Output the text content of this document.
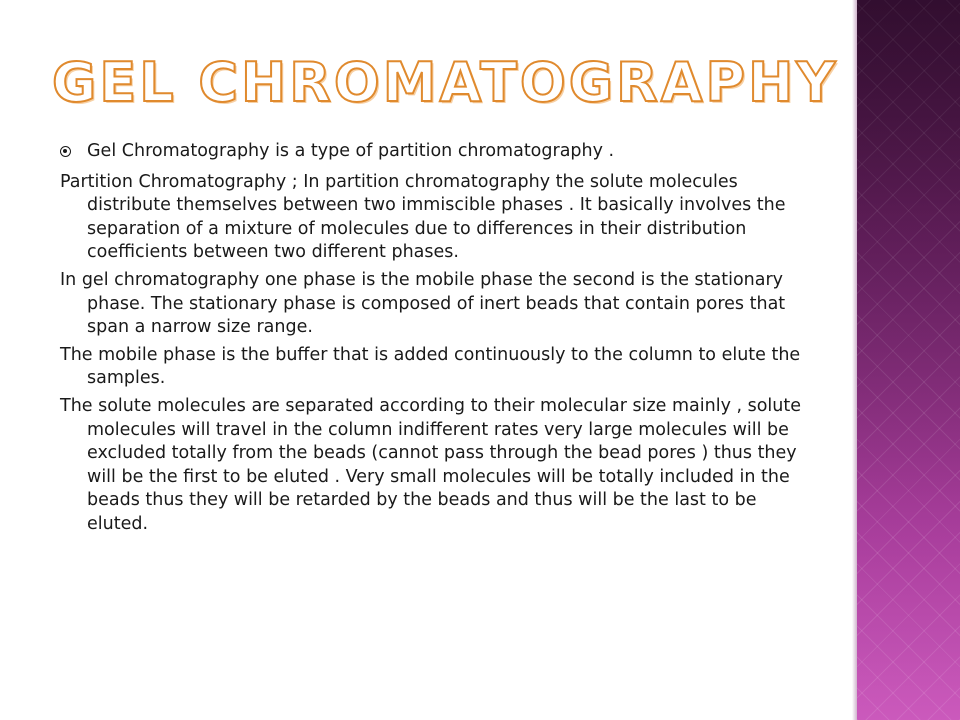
GEL CHROMATOGRAPHY

Gel Chromatography is a type of partition chromatography .

Partition Chromatography ; In partition chromatography the solute molecules distribute themselves between two immiscible phases . It basically involves the separation of a mixture of molecules due to differences in their distribution coefficients between two different phases.

In gel chromatography one phase is the mobile phase the second is the stationary phase. The stationary phase is composed of inert beads that contain pores that span a narrow size range.

The mobile phase is the buffer that is added continuously to the column to elute the samples.

The solute molecules are separated according to their molecular size mainly , solute molecules will travel in the column indifferent rates very large molecules will be excluded totally from the beads (cannot pass through the bead pores ) thus they will be the first to be eluted . Very small molecules will be totally included in the beads thus they will be retarded by the beads and thus will be the last to be eluted.
